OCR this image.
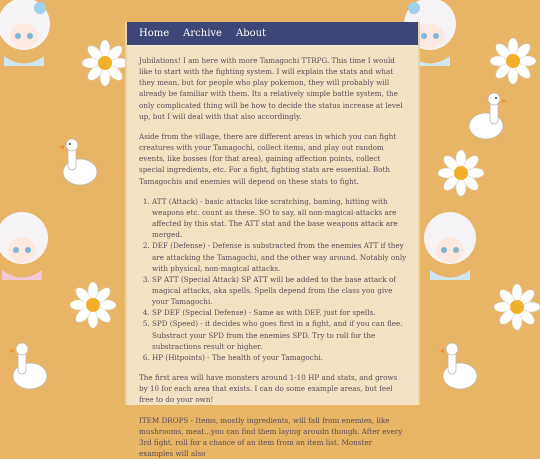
Home Archive About

Jubilations! I am here with more Tamagochi TTRPG. This time I would like to start with the fighting system. I will explain the stats and what they mean, but for people who play pokemon, they will probably will already be familiar with them. Its a relatively simple battle system, the only complicated thing will be how to decide the status increase at level up, but I will deal with that also accordingly.

Aside from the village, there are different areas in which you can fight creatures with your Tamagochi, collect items, and play out random events, like bosses (for that area), gaining affection points, collect special ingredients, etc. For a fight, fighting stats are essential. Both Tamagochis and enemies will depend on these stats to fight.

1. ATT (Attack) - basic attacks like scratching, baming, hitting with weapons etc. count as these. SO to say, all non-magical-attacks are affected by this stat. The ATT stat and the base weapons attack are merged.
2. DEF (Defense) - Defense is substracted from the enemies ATT if they are attacking the Tamagochi, and the other way around. Notably only with physical, non-magical attacks.
3. SP ATT (Special Attack) SP ATT will be added to the base attack of magical attacks, aka spells. Spells depend from the class you give your Tamagochi.
4. SP DEF (Special Defense) - Same as with DEF, just for spells.
5. SPD (Speed) - it decides who goes first in a fight, and if you can flee. Substract your SPD from the enemies SPD. Try to roll for the substractions result or higher.
6. HP (Hitpoints) - The health of your Tamagochi.

The first area will have monsters around 1-10 HP and stats, and grows by 10 for each area that exists. I can do some example areas, but feel free to do your own!

ITEM DROPS - Items, mostly ingredients, will fall from enemies, like mushrooms, meat...you can find them laying aroudn though. After every 3rd fight, roll for a chance of an item from an item list. Monster examples will also
